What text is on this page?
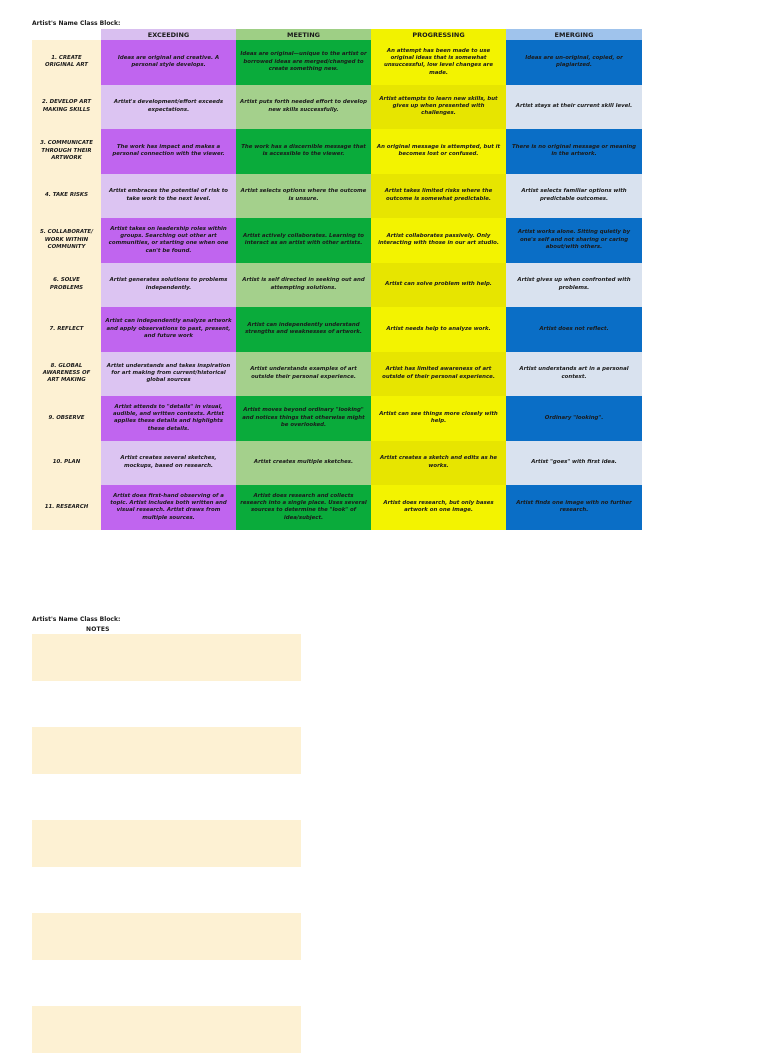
Artist's Name Class Block:
	EXCEEDING	MEETING	PROGRESSING	EMERGING
1. CREATE ORIGINAL ART	Ideas are original and creative. A personal style develops.	Ideas are original—unique to the artist or borrowed ideas are merged/changed to create something new.	An attempt has been made to use original ideas that is somewhat unsuccessful, low level changes are made.	Ideas are un-original, copied, or plagiarized.
2. DEVELOP ART MAKING SKILLS	Artist's development/effort exceeds expectations.	Artist puts forth needed effort to develop new skills successfully.	Artist attempts to learn new skills, but gives up when presented with challenges.	Artist stays at their current skill level.
3. COMMUNICATE THROUGH THEIR ARTWORK	The work has impact and makes a personal connection with the viewer.	The work has a discernible message that is accessible to the viewer.	An original message is attempted, but it becomes lost or confused.	There is no original message or meaning in the artwork.
4. TAKE RISKS	Artist embraces the potential of risk to take work to the next level.	Artist selects options where the outcome is unsure.	Artist takes limited risks where the outcome is somewhat predictable.	Artist selects familiar options with predictable outcomes.
5. COLLABORATE/ WORK WITHIN COMMUNITY	Artist takes on leadership roles within groups. Searching out other art communities, or starting one when one can't be found.	Artist actively collaborates. Learning to interact as an artist with other artists.	Artist collaborates passively. Only interacting with those in our art studio.	Artist works alone. Sitting quietly by one's self and not sharing or caring about/with others.
6. SOLVE PROBLEMS	Artist generates solutions to problems independently.	Artist is self directed in seeking out and attempting solutions.	Artist can solve problem with help.	Artist gives up when confronted with problems.
7. REFLECT	Artist can independently analyze artwork and apply observations to past, present, and future work	Artist can independently understand strengths and weaknesses of artwork.	Artist needs help to analyze work.	Artist does not reflect.
8. GLOBAL AWARENESS OF ART MAKING	Artist understands and takes inspiration for art making from current/historical global sources	Artist understands examples of art outside their personal experience.	Artist has limited awareness of art outside of their personal experience.	Artist understands art in a personal context.
9. OBSERVE	Artist attends to "details" in visual, audible, and written contexts. Artist applies these details and highlights these details.	Artist moves beyond ordinary "looking" and notices things that otherwise might be overlooked.	Artist can see things more closely with help.	Ordinary "looking".
10. PLAN	Artist creates several sketches, mockups, based on research.	Artist creates multiple sketches.	Artist creates a sketch and edits as he works.	Artist "goes" with first idea.
11. RESEARCH	Artist does first-hand observing of a topic. Artist includes both written and visual research. Artist draws from multiple sources.	Artist does research and collects research into a single place. Uses several sources to determine the "look" of idea/subject.	Artist does research, but only bases artwork on one image.	Artist finds one image with no further research.
Artist's Name Class Block:
NOTES
